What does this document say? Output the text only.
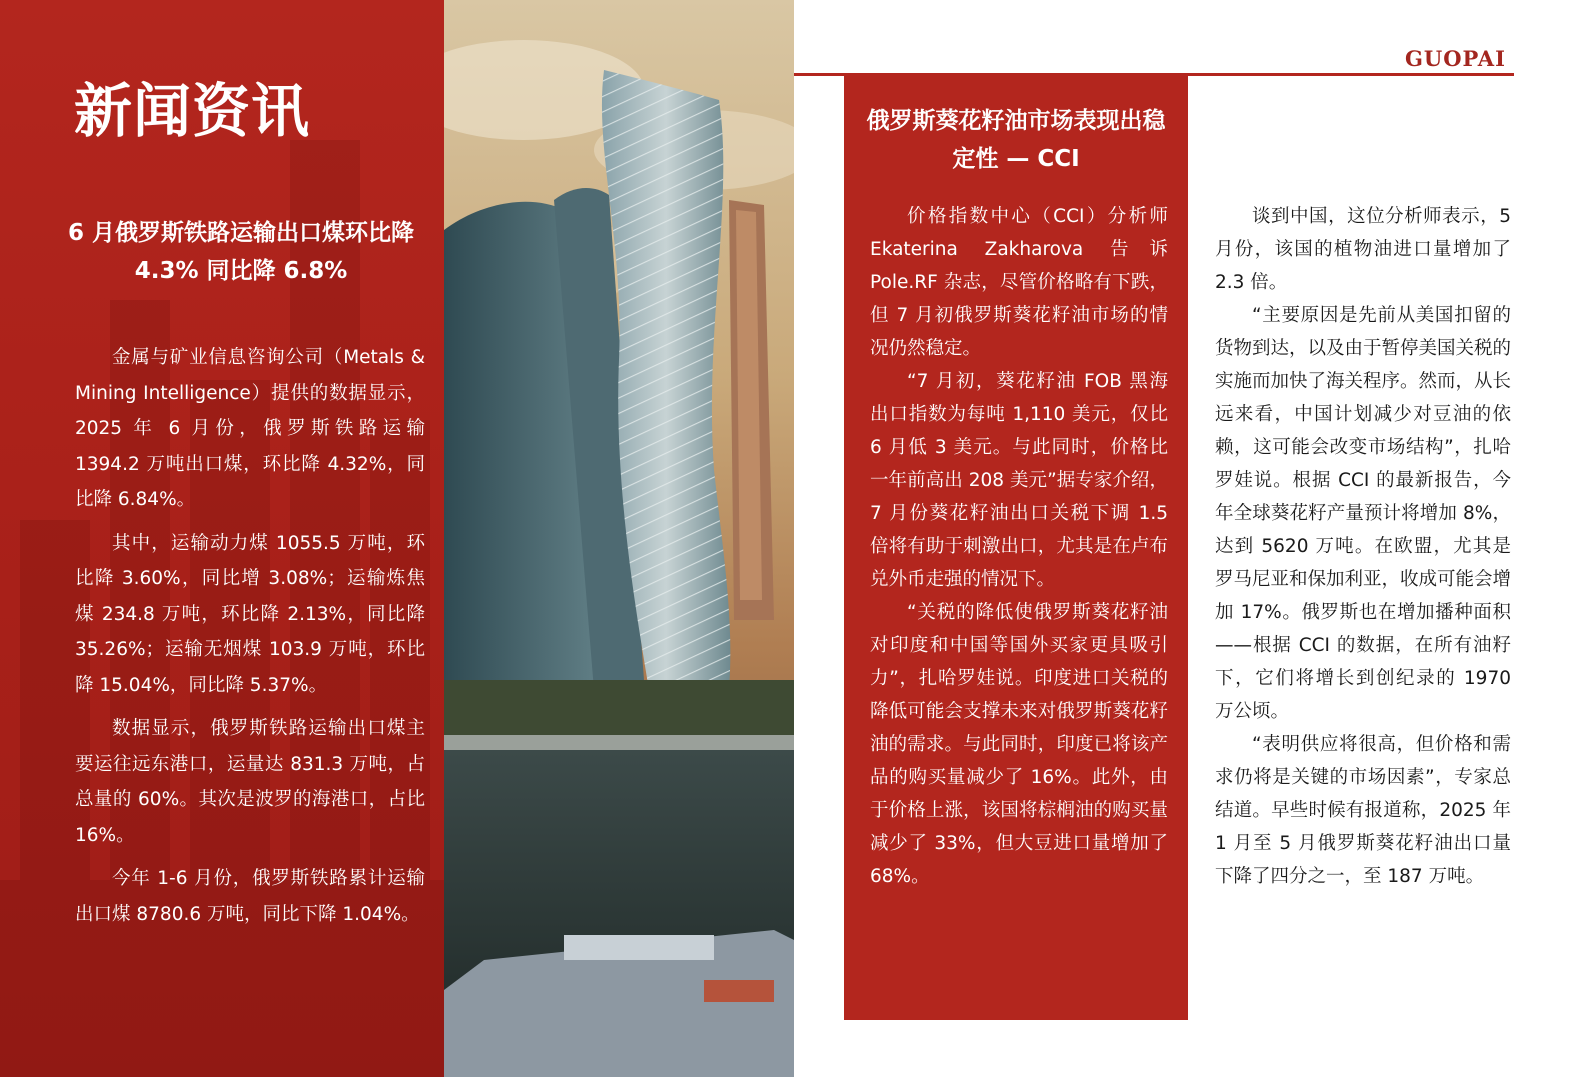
新闻资讯
6 月俄罗斯铁路运输出口煤环比降 4.3% 同比降 6.8%

金属与矿业信息咨询公司（Metals & Mining Intelligence）提供的数据显示，2025 年 6 月份，俄罗斯铁路运输 1394.2 万吨出口煤，环比降 4.32%，同比降 6.84%。

其中，运输动力煤 1055.5 万吨，环比降 3.60%，同比增 3.08%；运输炼焦煤 234.8 万吨，环比降 2.13%，同比降 35.26%；运输无烟煤 103.9 万吨，环比降 15.04%，同比降 5.37%。

数据显示，俄罗斯铁路运输出口煤主要运往远东港口，运量达 831.3 万吨，占总量的 60%。其次是波罗的海港口，占比 16%。

今年 1-6 月份，俄罗斯铁路累计运输出口煤 8780.6 万吨，同比下降 1.04%。

GUOPAI
俄罗斯葵花籽油市场表现出稳定性 — CCI

价格指数中心（CCI）分析师 Ekaterina Zakharova 告诉 Pole.RF 杂志，尽管价格略有下跌，但 7 月初俄罗斯葵花籽油市场的情况仍然稳定。

“7 月初，葵花籽油 FOB 黑海出口指数为每吨 1,110 美元，仅比 6 月低 3 美元。与此同时，价格比一年前高出 208 美元”据专家介绍，7 月份葵花籽油出口关税下调 1.5 倍将有助于刺激出口，尤其是在卢布兑外币走强的情况下。

“关税的降低使俄罗斯葵花籽油对印度和中国等国外买家更具吸引力”，扎哈罗娃说。印度进口关税的降低可能会支撑未来对俄罗斯葵花籽油的需求。与此同时，印度已将该产品的购买量减少了 16%。此外，由于价格上涨，该国将棕榈油的购买量减少了 33%，但大豆进口量增加了 68%。

谈到中国，这位分析师表示，5 月份，该国的植物油进口量增加了 2.3 倍。

“主要原因是先前从美国扣留的货物到达，以及由于暂停美国关税的实施而加快了海关程序。然而，从长远来看，中国计划减少对豆油的依赖，这可能会改变市场结构”，扎哈罗娃说。根据 CCI 的最新报告，今年全球葵花籽产量预计将增加 8%，达到 5620 万吨。在欧盟，尤其是罗马尼亚和保加利亚，收成可能会增加 17%。俄罗斯也在增加播种面积——根据 CCI 的数据，在所有油籽下，它们将增长到创纪录的 1970 万公顷。

“表明供应将很高，但价格和需求仍将是关键的市场因素”，专家总结道。早些时候有报道称，2025 年 1 月至 5 月俄罗斯葵花籽油出口量下降了四分之一，至 187 万吨。
